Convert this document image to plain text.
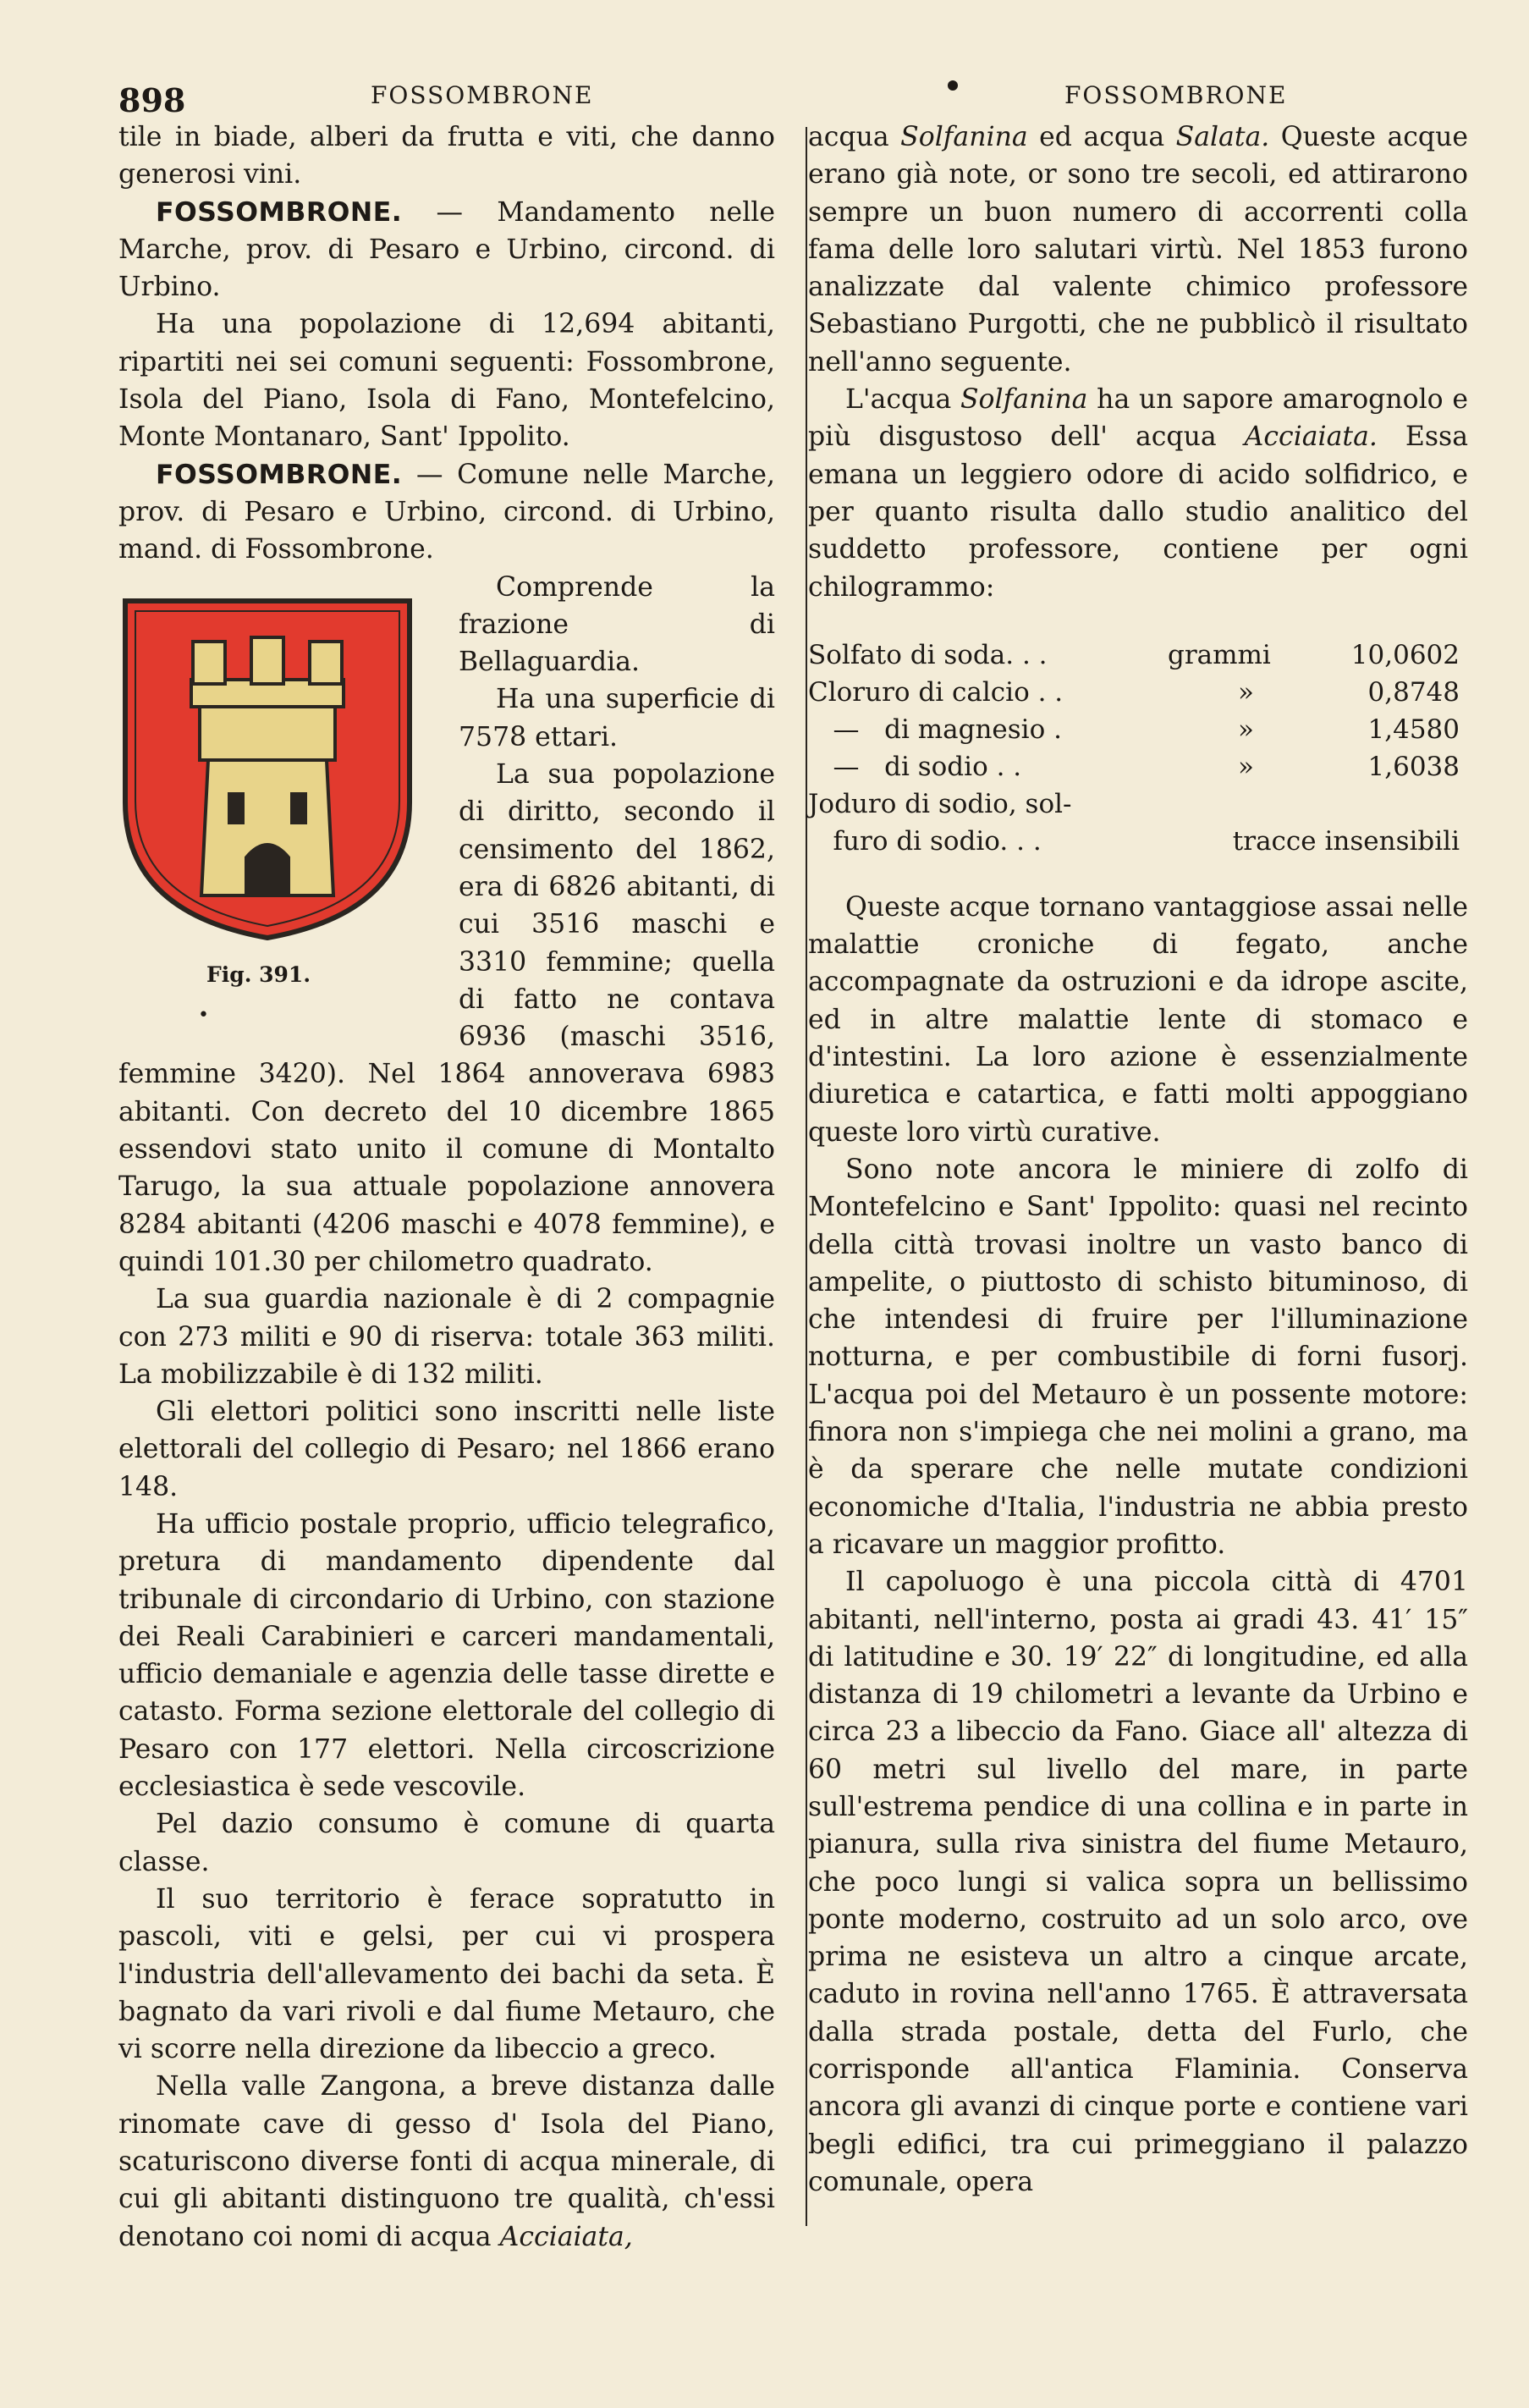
898	FOSSOMBRONE	FOSSOMBRONE

tile in biade, alberi da frutta e viti, che danno generosi vini.

FOSSOMBRONE. — Mandamento nelle Marche, prov. di Pesaro e Urbino, circond. di Urbino.

Ha una popolazione di 12,694 abitanti, ripartiti nei sei comuni seguenti: Fossombrone, Isola del Piano, Isola di Fano, Montefelcino, Monte Montanaro, Sant' Ippolito.

FOSSOMBRONE. — Comune nelle Marche, prov. di Pesaro e Urbino, circond. di Urbino, mand. di Fossombrone.

Fig. 391.
•

Comprende la frazione di Bellaguardia.

Ha una superficie di 7578 ettari.

La sua popolazione di diritto, secondo il censimento del 1862, era di 6826 abitanti, di cui 3516 maschi e 3310 femmine; quella di fatto ne contava 6936 (maschi 3516, femmine 3420). Nel 1864 annoverava 6983 abitanti. Con decreto del 10 dicembre 1865 essendovi stato unito il comune di Montalto Tarugo, la sua attuale popolazione annovera 8284 abitanti (4206 maschi e 4078 femmine), e quindi 101.30 per chilometro quadrato.

La sua guardia nazionale è di 2 compagnie con 273 militi e 90 di riserva: totale 363 militi. La mobilizzabile è di 132 militi.

Gli elettori politici sono inscritti nelle liste elettorali del collegio di Pesaro; nel 1866 erano 148.

Ha ufficio postale proprio, ufficio telegrafico, pretura di mandamento dipendente dal tribunale di circondario di Urbino, con stazione dei Reali Carabinieri e carceri mandamentali, ufficio demaniale e agenzia delle tasse dirette e catasto. Forma sezione elettorale del collegio di Pesaro con 177 elettori. Nella circoscrizione ecclesiastica è sede vescovile.

Pel dazio consumo è comune di quarta classe.

Il suo territorio è ferace sopratutto in pascoli, viti e gelsi, per cui vi prospera l'industria dell'allevamento dei bachi da seta. È bagnato da vari rivoli e dal fiume Metauro, che vi scorre nella direzione da libeccio a greco.

Nella valle Zangona, a breve distanza dalle rinomate cave di gesso d' Isola del Piano, scaturiscono diverse fonti di acqua minerale, di cui gli abitanti distinguono tre qualità, ch'essi denotano coi nomi di acqua Acciaiata,

acqua Solfanina ed acqua Salata. Queste acque erano già note, or sono tre secoli, ed attirarono sempre un buon numero di accorrenti colla fama delle loro salutari virtù. Nel 1853 furono analizzate dal valente chimico professore Sebastiano Purgotti, che ne pubblicò il risultato nell'anno seguente.

L'acqua Solfanina ha un sapore amarognolo e più disgustoso dell' acqua Acciaiata. Essa emana un leggiero odore di acido solfidrico, e per quanto risulta dallo studio analitico del suddetto professore, contiene per ogni chilogrammo:

Solfato di soda. . .	grammi	10,0602
Cloruro di calcio . .	»	0,8748
—   di magnesio .	»	1,4580
—   di sodio . .	»	1,6038
Joduro di sodio, sol-
furo di sodio. . .	tracce insensibili

Queste acque tornano vantaggiose assai nelle malattie croniche di fegato, anche accompagnate da ostruzioni e da idrope ascite, ed in altre malattie lente di stomaco e d'intestini. La loro azione è essenzialmente diuretica e catartica, e fatti molti appoggiano queste loro virtù curative.

Sono note ancora le miniere di zolfo di Montefelcino e Sant' Ippolito: quasi nel recinto della città trovasi inoltre un vasto banco di ampelite, o piuttosto di schisto bituminoso, di che intendesi di fruire per l'illuminazione notturna, e per combustibile di forni fusorj. L'acqua poi del Metauro è un possente motore: finora non s'impiega che nei molini a grano, ma è da sperare che nelle mutate condizioni economiche d'Italia, l'industria ne abbia presto a ricavare un maggior profitto.

Il capoluogo è una piccola città di 4701 abitanti, nell'interno, posta ai gradi 43. 41′ 15″ di latitudine e 30. 19′ 22″ di longitudine, ed alla distanza di 19 chilometri a levante da Urbino e circa 23 a libeccio da Fano. Giace all' altezza di 60 metri sul livello del mare, in parte sull'estrema pendice di una collina e in parte in pianura, sulla riva sinistra del fiume Metauro, che poco lungi si valica sopra un bellissimo ponte moderno, costruito ad un solo arco, ove prima ne esisteva un altro a cinque arcate, caduto in rovina nell'anno 1765. È attraversata dalla strada postale, detta del Furlo, che corrisponde all'antica Flaminia. Conserva ancora gli avanzi di cinque porte e contiene vari begli edifici, tra cui primeggiano il palazzo comunale, opera
